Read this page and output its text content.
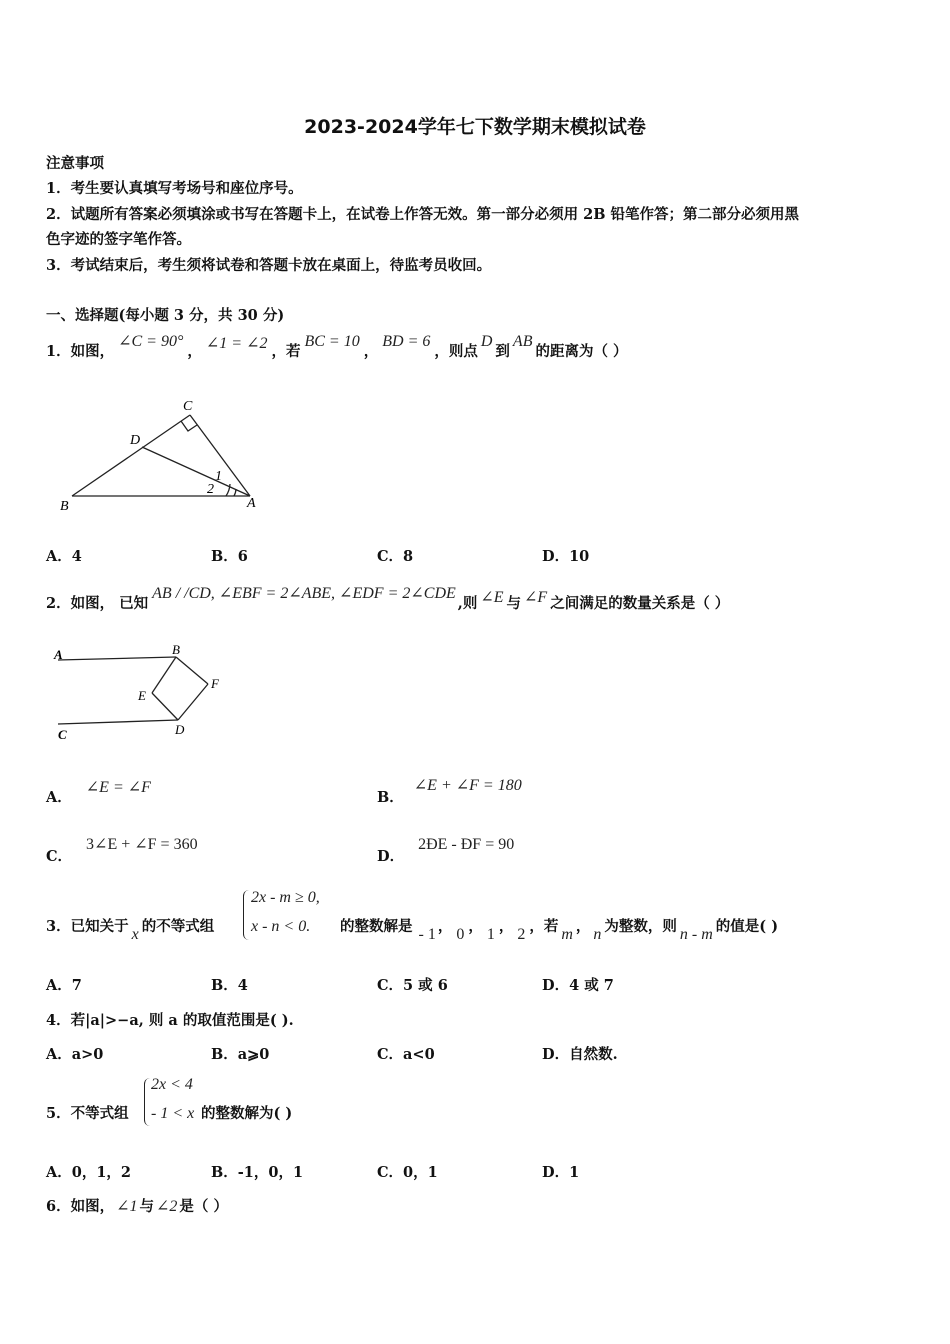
2023-2024学年七下数学期末模拟试卷
注意事项
1．考生要认真填写考场号和座位序号。
2．试题所有答案必须填涂或书写在答题卡上，在试卷上作答无效。第一部分必须用 2B 铅笔作答；第二部分必须用黑
色字迹的签字笔作答。
3．考试结束后，考生须将试卷和答题卡放在桌面上，待监考员收回。
一、选择题(每小题 3 分，共 30 分)
1．如图，∠C = 90°， ∠1 = ∠2 ，若BC = 10，BD = 6，则点D到AB的距离为（ ）
C
D
B	A
1
2
A．4	B．6	C．8	D．10
2．如图， 已知AB / /CD, ∠EBF = 2∠ABE, ∠EDF = 2∠CDE,则 ∠E 与 ∠F 之间满足的数量关系是（ ）
A	B
E
F
C	D
A．∠E = ∠F
B．∠E + ∠F = 180
C．3∠E + ∠F = 360
D．2ÐE - ÐF = 90
3．已知关于 x 的不等式组
2x - m ≥ 0,
x - n < 0. 的整数解是 - 1 ， 0 ， 1 ， 2 ，若 m ， n 为整数，则 n - m 的值是( )
A．7	B．4	C．5 或 6	D．4 或 7
4．若|a|>−a, 则 a 的取值范围是( ).
A．a>0	B．a⩾0	C．a<0	D．自然数.
5．不等式组
2x < 4
- 1 < x 的整数解为( )
A．0，1，2	B．-1，0，1	C．0，1	D．1
6．如图， ∠1 与 ∠2 是（ ）
